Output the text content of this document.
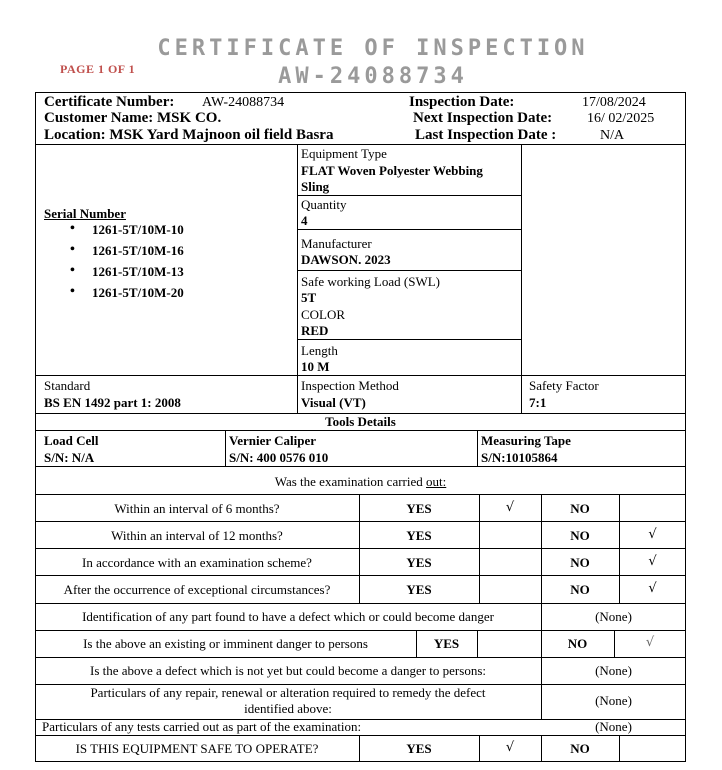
PAGE 1 OF 1
CERTIFICATE OF INSPECTION
AW-24088734
Certificate Number: AW-24088734
Customer Name: MSK CO.
Location: MSK Yard Majnoon oil field Basra
Inspection Date:	17/08/2024
Next Inspection Date: 16/ 02/2025
Last Inspection Date :	N/A
Serial Number
• 1261-5T/10M-10
• 1261-5T/10M-16
• 1261-5T/10M-13
• 1261-5T/10M-20
Equipment Type
FLAT Woven Polyester Webbing
Sling
Quantity
4
Manufacturer
DAWSON. 2023
Safe working Load (SWL)
5T
COLOR
RED
Length
10 M
Standard
BS EN 1492 part 1: 2008
Inspection Method
Visual (VT)
Safety Factor
7:1
Tools Details
Load Cell
S/N: N/A
Vernier Caliper
S/N: 400 0576 010
Measuring Tape
S/N:10105864
Was the examination carried out:
Within an interval of 6 months?	YES	√	NO
Within an interval of 12 months?	YES	NO	√
In accordance with an examination scheme?	YES	NO	√
After the occurrence of exceptional circumstances?	YES	NO	√
Identification of any part found to have a defect which or could become danger	(None)
Is the above an existing or imminent danger to persons	YES	NO	√
Is the above a defect which is not yet but could become a danger to persons:	(None)
Particulars of any repair, renewal or alteration required to remedy the defect
identified above:
(None)
Particulars of any tests carried out as part of the examination:	(None)
IS THIS EQUIPMENT SAFE TO OPERATE?	YES	√	NO
